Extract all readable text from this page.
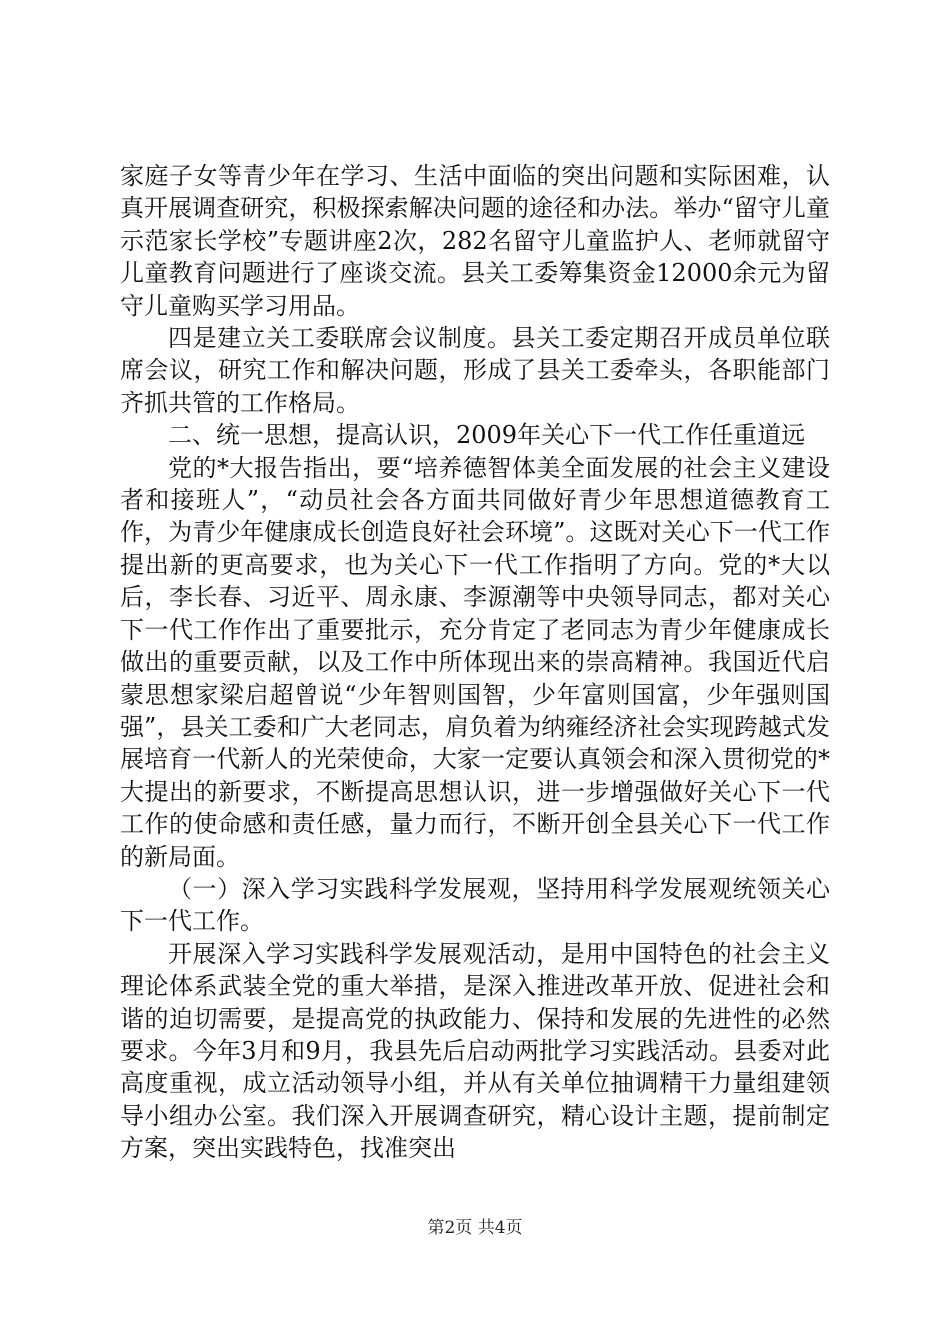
家庭子女等青少年在学习、生活中面临的突出问题和实际困难，认真开展调查研究，积极探索解决问题的途径和办法。举办“留守儿童示范家长学校”专题讲座2次，282名留守儿童监护人、老师就留守儿童教育问题进行了座谈交流。县关工委筹集资金12000余元为留守儿童购买学习用品。

四是建立关工委联席会议制度。县关工委定期召开成员单位联席会议，研究工作和解决问题，形成了县关工委牵头，各职能部门齐抓共管的工作格局。

二、统一思想，提高认识，2009年关心下一代工作任重道远

党的*大报告指出，要“培养德智体美全面发展的社会主义建设者和接班人”，“动员社会各方面共同做好青少年思想道德教育工作，为青少年健康成长创造良好社会环境”。这既对关心下一代工作提出新的更高要求，也为关心下一代工作指明了方向。党的*大以后，李长春、习近平、周永康、李源潮等中央领导同志，都对关心下一代工作作出了重要批示，充分肯定了老同志为青少年健康成长做出的重要贡献，以及工作中所体现出来的崇高精神。我国近代启蒙思想家梁启超曾说“少年智则国智，少年富则国富，少年强则国强”，县关工委和广大老同志，肩负着为纳雍经济社会实现跨越式发展培育一代新人的光荣使命，大家一定要认真领会和深入贯彻党的*大提出的新要求，不断提高思想认识，进一步增强做好关心下一代工作的使命感和责任感，量力而行，不断开创全县关心下一代工作的新局面。

（一）深入学习实践科学发展观，坚持用科学发展观统领关心下一代工作。

开展深入学习实践科学发展观活动，是用中国特色的社会主义理论体系武装全党的重大举措，是深入推进改革开放、促进社会和谐的迫切需要，是提高党的执政能力、保持和发展的先进性的必然要求。今年3月和9月，我县先后启动两批学习实践活动。县委对此高度重视，成立活动领导小组，并从有关单位抽调精干力量组建领导小组办公室。我们深入开展调查研究，精心设计主题，提前制定方案，突出实践特色，找准突出

第2页 共4页
